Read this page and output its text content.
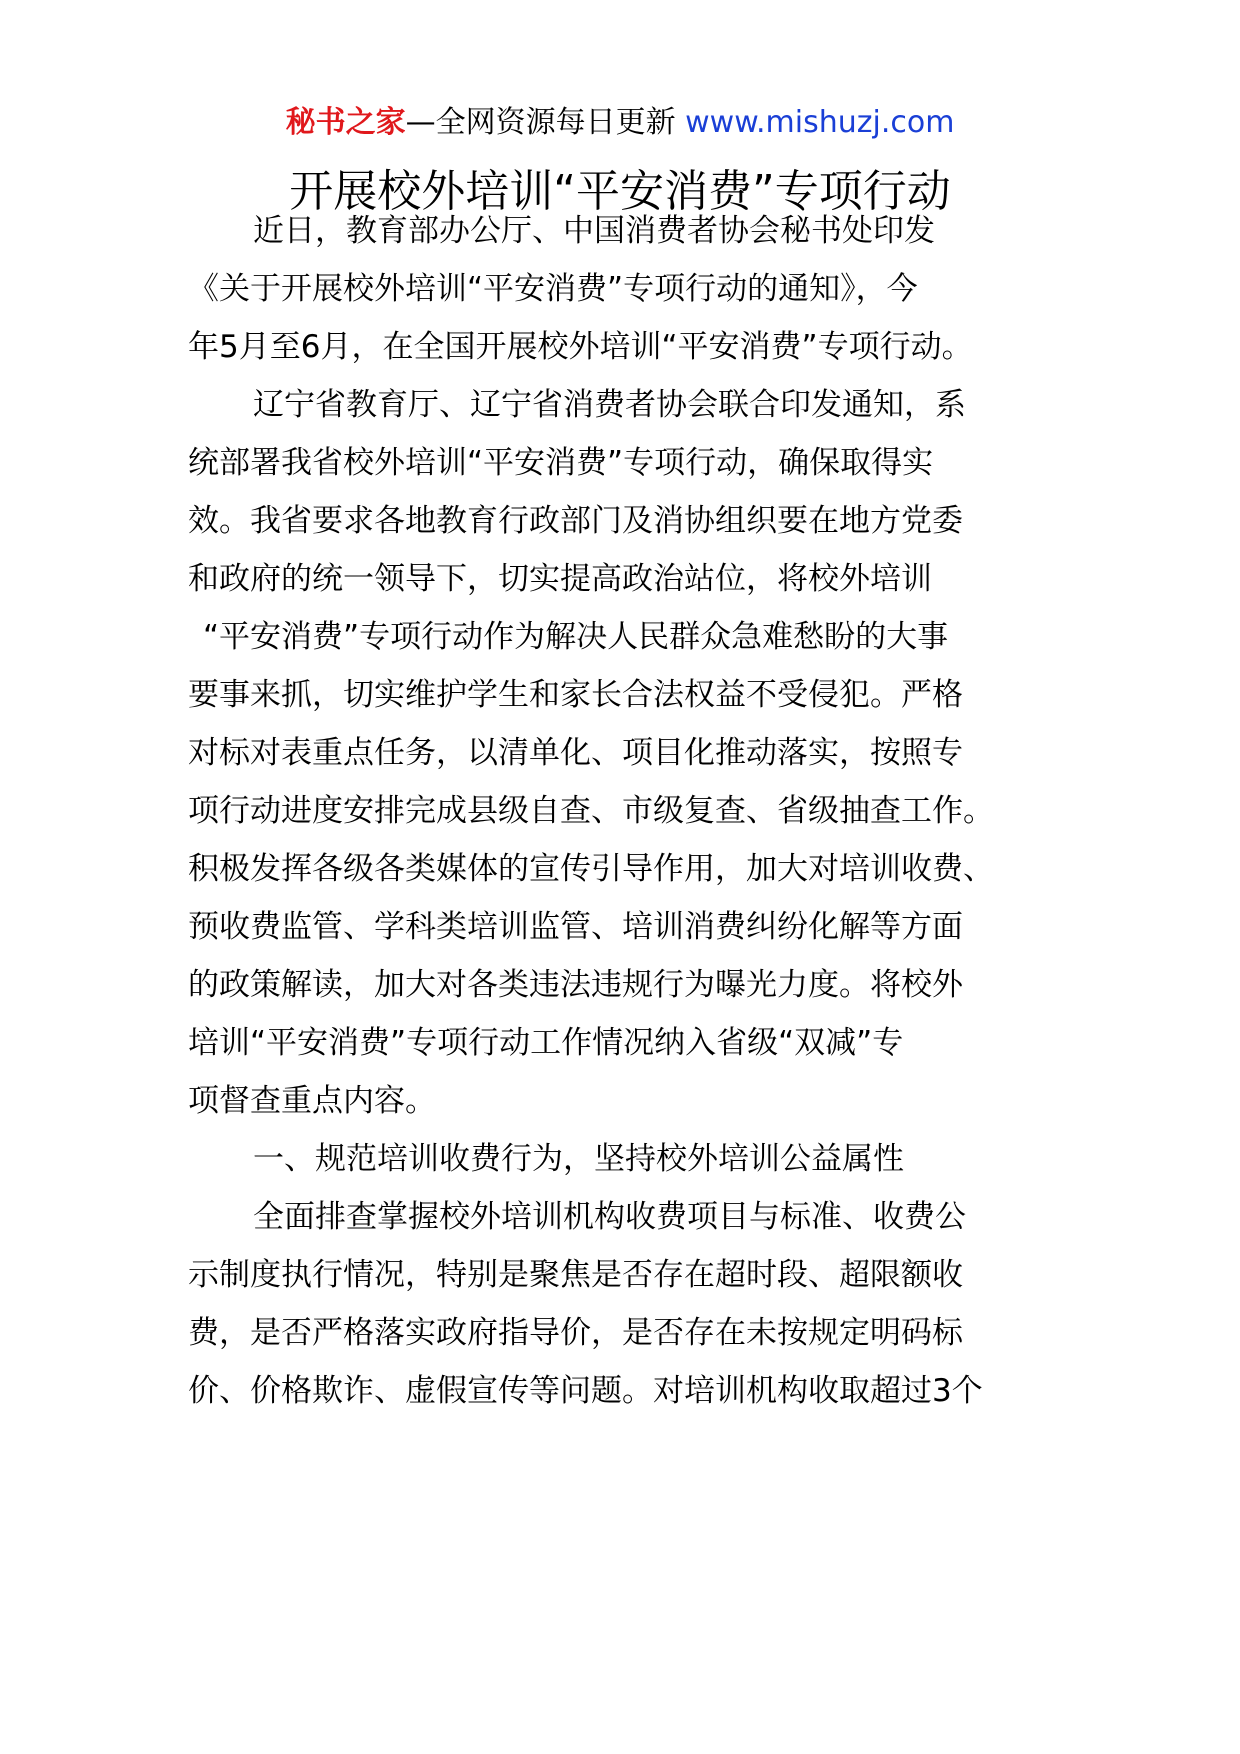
秘书之家—全网资源每日更新 www.mishuzj.com
开展校外培训“平安消费”专项行动
近日，教育部办公厅、中国消费者协会秘书处印发
《关于开展校外培训“平安消费”专项行动的通知》，今
年5月至6月，在全国开展校外培训“平安消费”专项行动。
辽宁省教育厅、辽宁省消费者协会联合印发通知，系
统部署我省校外培训“平安消费”专项行动，确保取得实
效。我省要求各地教育行政部门及消协组织要在地方党委
和政府的统一领导下，切实提高政治站位，将校外培训
“平安消费”专项行动作为解决人民群众急难愁盼的大事
要事来抓，切实维护学生和家长合法权益不受侵犯。严格
对标对表重点任务，以清单化、项目化推动落实，按照专
项行动进度安排完成县级自查、市级复查、省级抽查工作。
积极发挥各级各类媒体的宣传引导作用，加大对培训收费、
预收费监管、学科类培训监管、培训消费纠纷化解等方面
的政策解读，加大对各类违法违规行为曝光力度。将校外
培训“平安消费”专项行动工作情况纳入省级“双减”专
项督查重点内容。
一、规范培训收费行为，坚持校外培训公益属性
全面排查掌握校外培训机构收费项目与标准、收费公
示制度执行情况，特别是聚焦是否存在超时段、超限额收
费，是否严格落实政府指导价，是否存在未按规定明码标
价、价格欺诈、虚假宣传等问题。对培训机构收取超过3个
